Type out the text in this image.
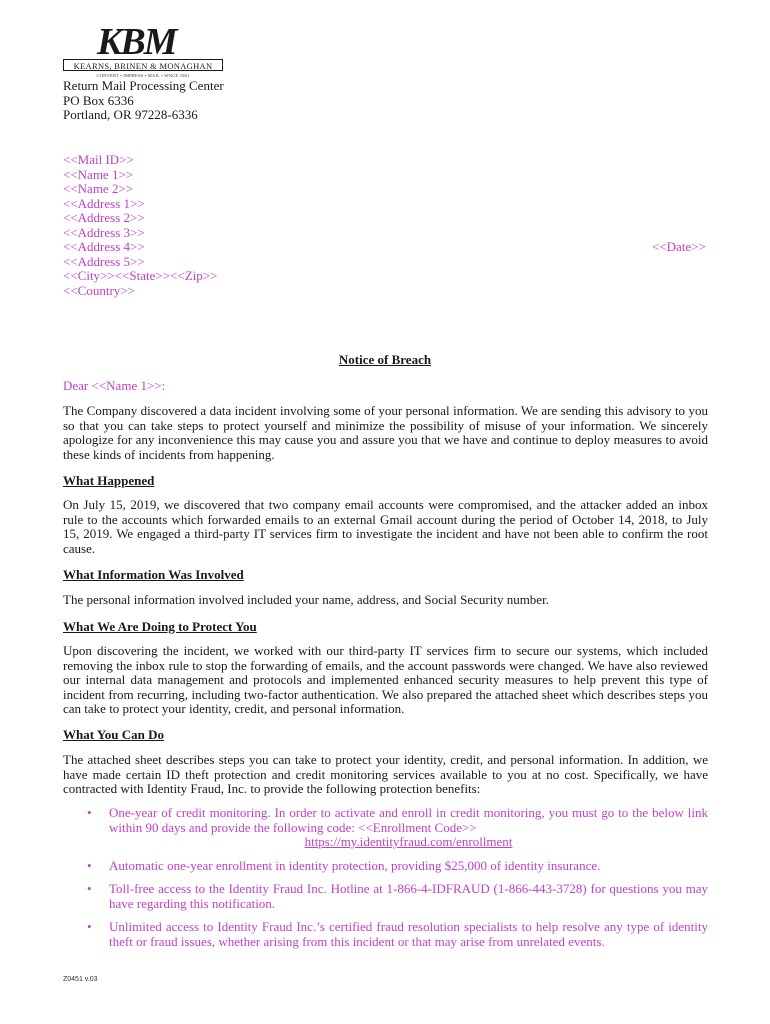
KBM
KEARNS, BRINEN & MONAGHAN
CONVERT • IMPRESS • MAIL • SINCE 1961
Return Mail Processing Center
PO Box 6336
Portland, OR 97228-6336
<<Mail ID>>
<<Name 1>>
<<Name 2>>
<<Address 1>>
<<Address 2>>
<<Address 3>>
<<Address 4>>
<<Address 5>>
<<City>><<State>><<Zip>>
<<Country>>
<<Date>>
Notice of Breach
Dear <<Name 1>>:
The Company discovered a data incident involving some of your personal information. We are sending this advisory to you so that you can take steps to protect yourself and minimize the possibility of misuse of your information. We sincerely apologize for any inconvenience this may cause you and assure you that we have and continue to deploy measures to avoid these kinds of incidents from happening.
What Happened
On July 15, 2019, we discovered that two company email accounts were compromised, and the attacker added an inbox rule to the accounts which forwarded emails to an external Gmail account during the period of October 14, 2018, to July 15, 2019. We engaged a third-party IT services firm to investigate the incident and have not been able to confirm the root cause.
What Information Was Involved
The personal information involved included your name, address, and Social Security number.
What We Are Doing to Protect You
Upon discovering the incident, we worked with our third-party IT services firm to secure our systems, which included removing the inbox rule to stop the forwarding of emails, and the account passwords were changed. We have also reviewed our internal data management and protocols and implemented enhanced security measures to help prevent this type of incident from recurring, including two-factor authentication. We also prepared the attached sheet which describes steps you can take to protect your identity, credit, and personal information.
What You Can Do
The attached sheet describes steps you can take to protect your identity, credit, and personal information. In addition, we have made certain ID theft protection and credit monitoring services available to you at no cost. Specifically, we have contracted with Identity Fraud, Inc. to provide the following protection benefits:
• One-year of credit monitoring. In order to activate and enroll in credit monitoring, you must go to the below link within 90 days and provide the following code: <<Enrollment Code>>
https://my.identityfraud.com/enrollment
• Automatic one-year enrollment in identity protection, providing $25,000 of identity insurance.
• Toll-free access to the Identity Fraud Inc. Hotline at 1-866-4-IDFRAUD (1-866-443-3728) for questions you may have regarding this notification.
• Unlimited access to Identity Fraud Inc.’s certified fraud resolution specialists to help resolve any type of identity theft or fraud issues, whether arising from this incident or that may arise from unrelated events.
Z0451 v.03
